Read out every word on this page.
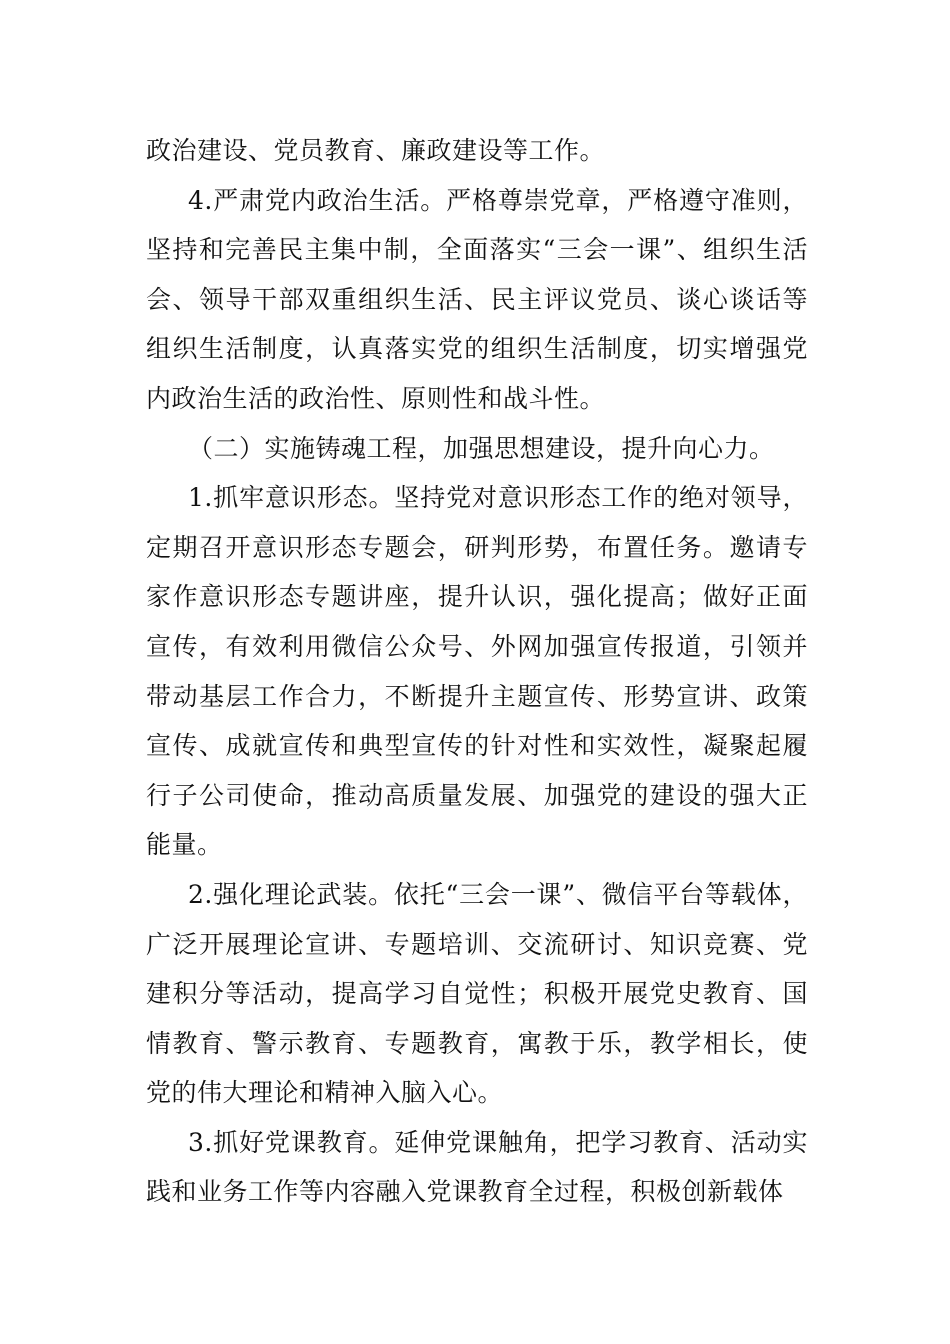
政治建设、党员教育、廉政建设等工作。

4.严肃党内政治生活。严格尊崇党章，严格遵守准则，坚持和完善民主集中制，全面落实“三会一课”、组织生活会、领导干部双重组织生活、民主评议党员、谈心谈话等组织生活制度，认真落实党的组织生活制度，切实增强党内政治生活的政治性、原则性和战斗性。

（二）实施铸魂工程，加强思想建设，提升向心力。

1.抓牢意识形态。坚持党对意识形态工作的绝对领导，定期召开意识形态专题会，研判形势，布置任务。邀请专家作意识形态专题讲座，提升认识，强化提高；做好正面宣传，有效利用微信公众号、外网加强宣传报道，引领并带动基层工作合力，不断提升主题宣传、形势宣讲、政策宣传、成就宣传和典型宣传的针对性和实效性，凝聚起履行子公司使命，推动高质量发展、加强党的建设的强大正能量。

2.强化理论武装。依托“三会一课”、微信平台等载体，广泛开展理论宣讲、专题培训、交流研讨、知识竞赛、党建积分等活动，提高学习自觉性；积极开展党史教育、国情教育、警示教育、专题教育，寓教于乐，教学相长，使党的伟大理论和精神入脑入心。

3.抓好党课教育。延伸党课触角，把学习教育、活动实践和业务工作等内容融入党课教育全过程，积极创新载体
